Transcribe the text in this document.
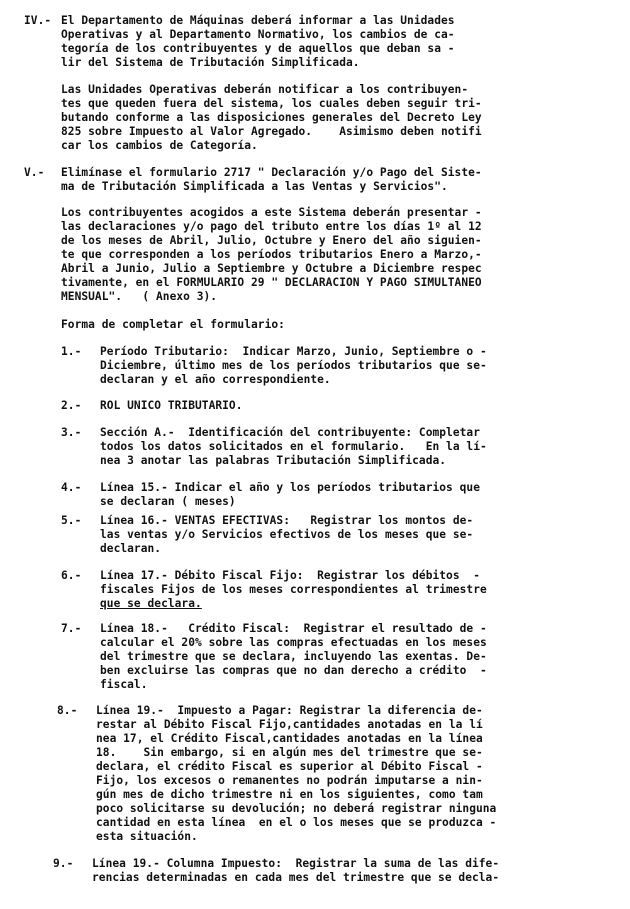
IV.- El Departamento de Máquinas deberá informar a las Unidades
Operativas y al Departamento Normativo, los cambios de ca-
tegoría de los contribuyentes y de aquellos que deban sa -
lir del Sistema de Tributación Simplificada.
Las Unidades Operativas deberán notificar a los contribuyen-
tes que queden fuera del sistema, los cuales deben seguir tri-
butando conforme a las disposiciones generales del Decreto Ley
825 sobre Impuesto al Valor Agregado.    Asimismo deben notifi
car los cambios de Categoría.
V.- Elimínase el formulario 2717 " Declaración y/o Pago del Siste-
ma de Tributación Simplificada a las Ventas y Servicios".
Los contribuyentes acogidos a este Sistema deberán presentar -
las declaraciones y/o pago del tributo entre los días 1º al 12
de los meses de Abril, Julio, Octubre y Enero del año siguien-
te que corresponden a los períodos tributarios Enero a Marzo,-
Abril a Junio, Julio a Septiembre y Octubre a Diciembre respec
tivamente, en el FORMULARIO 29 " DECLARACION Y PAGO SIMULTANEO
MENSUAL".   ( Anexo 3).
Forma de completar el formulario:
1.- Período Tributario:  Indicar Marzo, Junio, Septiembre o -
Diciembre, último mes de los períodos tributarios que se-
declaran y el año correspondiente.
2.- ROL UNICO TRIBUTARIO.
3.- Sección A.-  Identificación del contribuyente: Completar
todos los datos solicitados en el formulario.   En la lí-
nea 3 anotar las palabras Tributación Simplificada.
4.- Línea 15.- Indicar el año y los períodos tributarios que
se declaran ( meses)
5.- Línea 16.- VENTAS EFECTIVAS:   Registrar los montos de-
las ventas y/o Servicios efectivos de los meses que se-
declaran.
6.- Línea 17.- Débito Fiscal Fijo:  Registrar los débitos  -
fiscales Fijos de los meses correspondientes al trimestre
que se declara.
7.- Línea 18.-   Crédito Fiscal:  Registrar el resultado de -
calcular el 20% sobre las compras efectuadas en los meses
del trimestre que se declara, incluyendo las exentas. De-
ben excluirse las compras que no dan derecho a crédito  -
fiscal.
8.- Línea 19.-  Impuesto a Pagar: Registrar la diferencia de-
restar al Débito Fiscal Fijo,cantidades anotadas en la lí
nea 17, el Crédito Fiscal,cantidades anotadas en la línea
18.    Sin embargo, si en algún mes del trimestre que se-
declara, el crédito Fiscal es superior al Débito Fiscal -
Fijo, los excesos o remanentes no podrán imputarse a nin-
gún mes de dicho trimestre ni en los siguientes, como tam
poco solicitarse su devolución; no deberá registrar ninguna
cantidad en esta línea  en el o los meses que se produzca -
esta situación.
9.- Línea 19.- Columna Impuesto:  Registrar la suma de las dife-
rencias determinadas en cada mes del trimestre que se decla-
